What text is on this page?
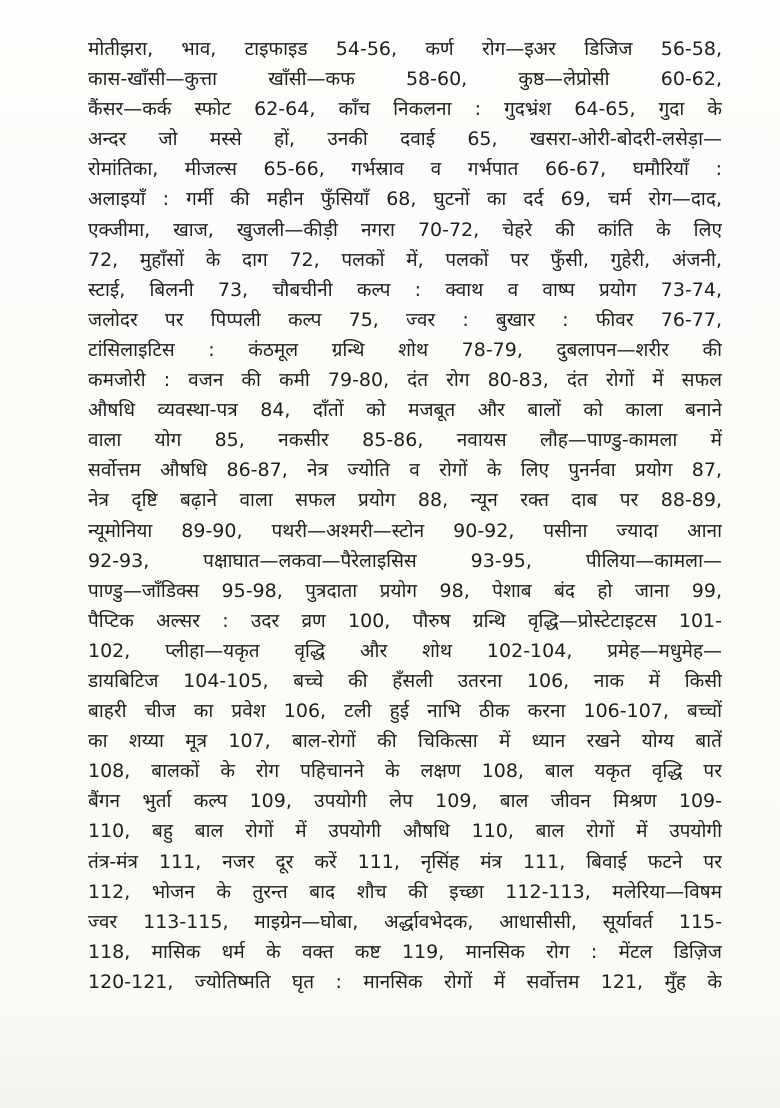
मोतीझरा, भाव, टाइफाइड 54-56, कर्ण रोग—इअर डिजिज 56-58,
कास-खाँसी—कुत्ता खाँसी—कफ 58-60, कुष्ठ—लेप्रोसी 60-62,
कैंसर—कर्क स्फोट 62-64, काँच निकलना : गुदभ्रंश 64-65, गुदा के
अन्दर जो मस्से हों, उनकी दवाई 65, खसरा-ओरी-बोदरी-लसेड़ा—
रोमांतिका, मीजल्स 65-66, गर्भस्राव व गर्भपात 66-67, घमौरियाँ :
अलाइयाँ : गर्मी की महीन फुँसियाँ 68, घुटनों का दर्द 69, चर्म रोग—दाद,
एक्जीमा, खाज, खुजली—कीड़ी नगरा 70-72, चेहरे की कांति के लिए
72, मुहाँसों के दाग 72, पलकों में, पलकों पर फुँसी, गुहेरी, अंजनी,
स्टाई, बिलनी 73, चौबचीनी कल्प : क्वाथ व वाष्प प्रयोग 73-74,
जलोदर पर पिप्पली कल्प 75, ज्वर : बुखार : फीवर 76-77,
टांसिलाइटिस : कंठमूल ग्रन्थि शोथ 78-79, दुबलापन—शरीर की
कमजोरी : वजन की कमी 79-80, दंत रोग 80-83, दंत रोगों में सफल
औषधि व्यवस्था-पत्र 84, दाँतों को मजबूत और बालों को काला बनाने
वाला योग 85, नकसीर 85-86, नवायस लौह—पाण्डु-कामला में
सर्वोत्तम औषधि 86-87, नेत्र ज्योति व रोगों के लिए पुनर्नवा प्रयोग 87,
नेत्र दृष्टि बढ़ाने वाला सफल प्रयोग 88, न्यून रक्त दाब पर 88-89,
न्यूमोनिया 89-90, पथरी—अश्मरी—स्टोन 90-92, पसीना ज्यादा आना
92-93, पक्षाघात—लकवा—पैरेलाइसिस 93-95, पीलिया—कामला—
पाण्डु—जाँडिक्स 95-98, पुत्रदाता प्रयोग 98, पेशाब बंद हो जाना 99,
पैप्टिक अल्सर : उदर व्रण 100, पौरुष ग्रन्थि वृद्धि—प्रोस्टेटाइटस 101-
102, प्लीहा—यकृत वृद्धि और शोथ 102-104, प्रमेह—मधुमेह—
डायबिटिज 104-105, बच्चे की हँसली उतरना 106, नाक में किसी
बाहरी चीज का प्रवेश 106, टली हुई नाभि ठीक करना 106-107, बच्चों
का शय्या मूत्र 107, बाल-रोगों की चिकित्सा में ध्यान रखने योग्य बातें
108, बालकों के रोग पहिचानने के लक्षण 108, बाल यकृत वृद्धि पर
बैंगन भुर्ता कल्प 109, उपयोगी लेप 109, बाल जीवन मिश्रण 109-
110, बहु बाल रोगों में उपयोगी औषधि 110, बाल रोगों में उपयोगी
तंत्र-मंत्र 111, नजर दूर करें 111, नृसिंह मंत्र 111, बिवाई फटने पर
112, भोजन के तुरन्त बाद शौच की इच्छा 112-113, मलेरिया—विषम
ज्वर 113-115, माइग्रेन—घोबा, अर्द्धावभेदक, आधासीसी, सूर्यावर्त 115-
118, मासिक धर्म के वक्त कष्ट 119, मानसिक रोग : मेंटल डिज़िज
120-121, ज्योतिष्मति घृत : मानसिक रोगों में सर्वोत्तम 121, मुँह के
